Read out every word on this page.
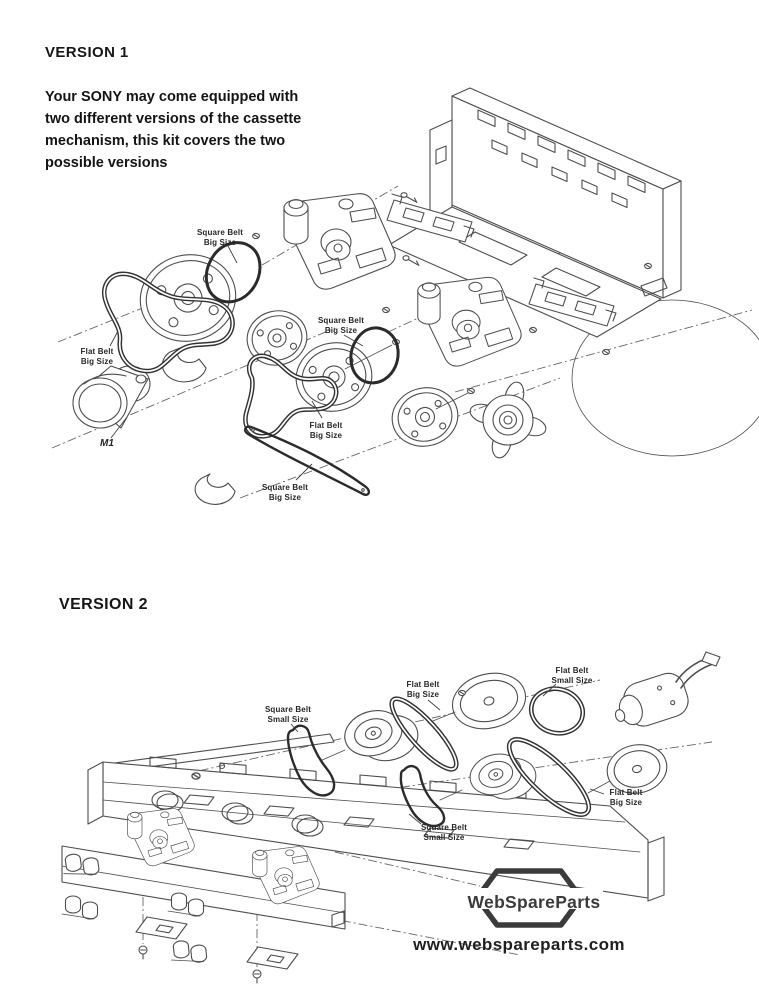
VERSION 1
Your SONY may come equipped with
two different versions of the cassette
mechanism, this kit covers the two
possible versions
Square Belt
Big Size
Square Belt
Big Size
Flat Belt
Big Size
Flat Belt
Big Size
Square Belt
Big Size
M1
VERSION 2
Square Belt
Small Size
Flat Belt
Big Size
Flat Belt
Small Size
Flat Belt
Big Size
Square Belt
Small Size
WebSpareParts
www.webspareparts.com
